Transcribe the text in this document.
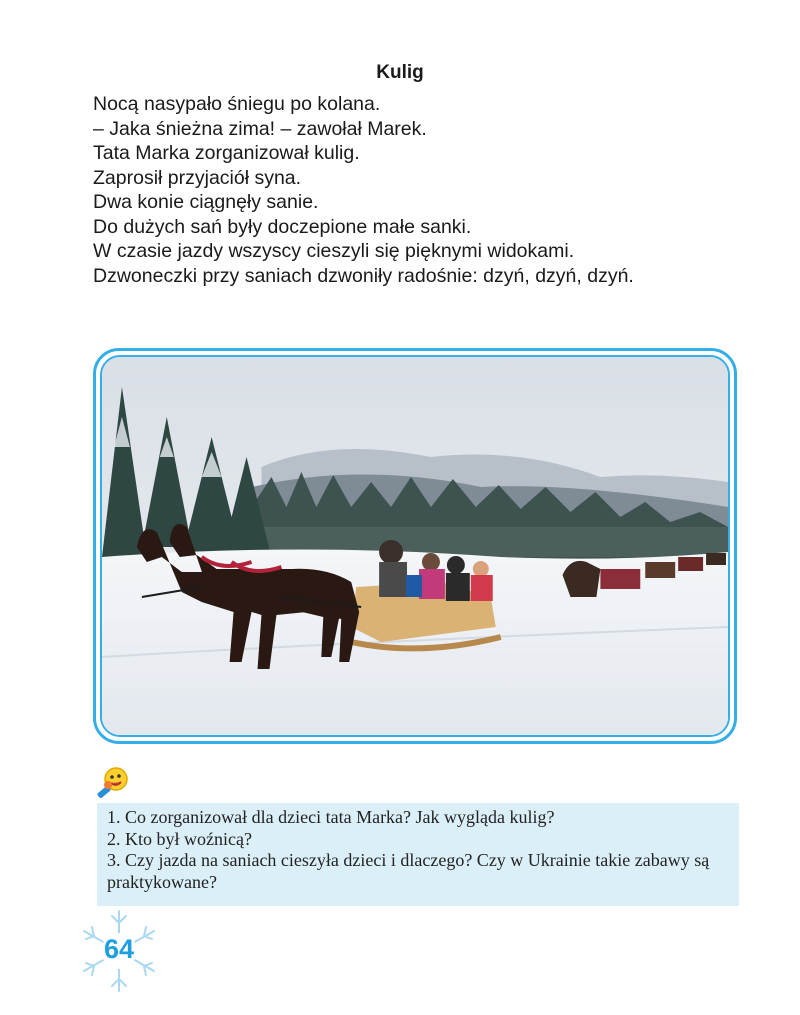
Kulig
Nocą nasypało śniegu po kolana.
– Jaka śnieżna zima! – zawołał Marek.
Tata Marka zorganizował kulig.
Zaprosił przyjaciół syna.
Dwa konie ciągnęły sanie.
Do dużych sań były doczepione małe sanki.
W czasie jazdy wszyscy cieszyli się pięknymi widokami.
Dzwoneczki przy saniach dzwoniły radośnie: dzyń, dzyń, dzyń.

1. Co zorganizował dla dzieci tata Marka? Jak wygląda kulig?

2. Kto był woźnicą?

3. Czy jazda na saniach cieszyła dzieci i dlaczego? Czy w Ukrainie takie zabawy są praktykowane?

64
